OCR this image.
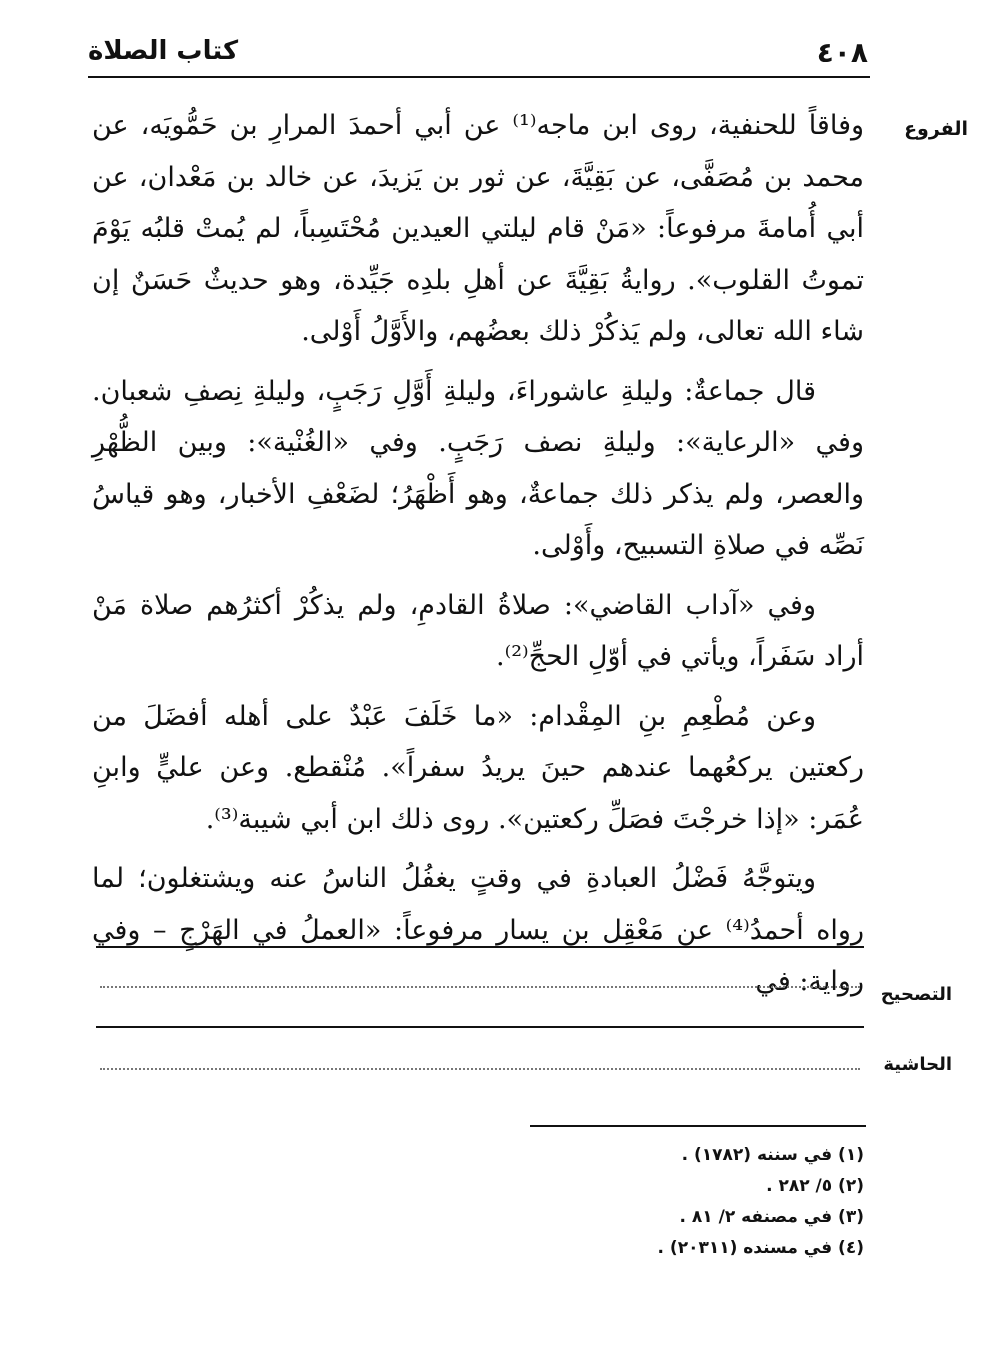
٤٠٨
كتاب الصلاة
الفروع

وفاقاً للحنفية، روى ابن ماجه⁽¹⁾ عن أبي أحمدَ المرارِ بن حَمُّويَه، عن محمد بن مُصَفَّى، عن بَقِيَّةَ، عن ثور بن يَزيدَ، عن خالد بن مَعْدان، عن أبي أُمامةَ مرفوعاً: «مَنْ قام ليلتي العيدين مُحْتَسِباً، لم يُمتْ قلبُه يَوْمَ تموتُ القلوب». روايةُ بَقِيَّةَ عن أهلِ بلدِه جَيِّدة، وهو حديثٌ حَسَنٌ إن شاء الله تعالى، ولم يَذكُرْ ذلك بعضُهم، والأَوَّلُ أَوْلى.

قال جماعةٌ: وليلةِ عاشوراءَ، وليلةِ أَوَّلِ رَجَبٍ، وليلةِ نِصفِ شعبان. وفي «الرعاية»: وليلةِ نصف رَجَبٍ. وفي «الغُنْية»: وبين الظُّهْرِ والعصر، ولم يذكر ذلك جماعةٌ، وهو أَظْهَرُ؛ لضَعْفِ الأخبار، وهو قياسُ نَصِّه في صلاةِ التسبيح، وأَوْلى.

وفي «آداب القاضي»: صلاةُ القادمِ، ولم يذكُرْ أكثرُهم صلاة مَنْ أراد سَفَراً، ويأتي في أوّلِ الحجِّ⁽²⁾.

وعن مُطْعِمِ بنِ المِقْدام: «ما خَلَفَ عَبْدٌ على أهله أفضَلَ من ركعتين يركعُهما عندهم حينَ يريدُ سفراً». مُنْقطع. وعن عليٍّ وابنِ عُمَر: «إذا خرجْتَ فصَلِّ ركعتين». روى ذلك ابن أبي شيبة⁽³⁾.

ويتوجَّهُ فَضْلُ العبادةِ في وقتٍ يغفُلُ الناسُ عنه ويشتغلون؛ لما رواه أحمدُ⁽⁴⁾ عن مَعْقِل بن يسار مرفوعاً: «العملُ في الهَرْجِ – وفي رواية: في التصحيح
الحاشية
(١) في سننه (١٧٨٢) .
(٢) ٥/ ٢٨٢ .
(٣) في مصنفه ٢/ ٨١ .
(٤) في مسنده (٢٠٣١١) .
